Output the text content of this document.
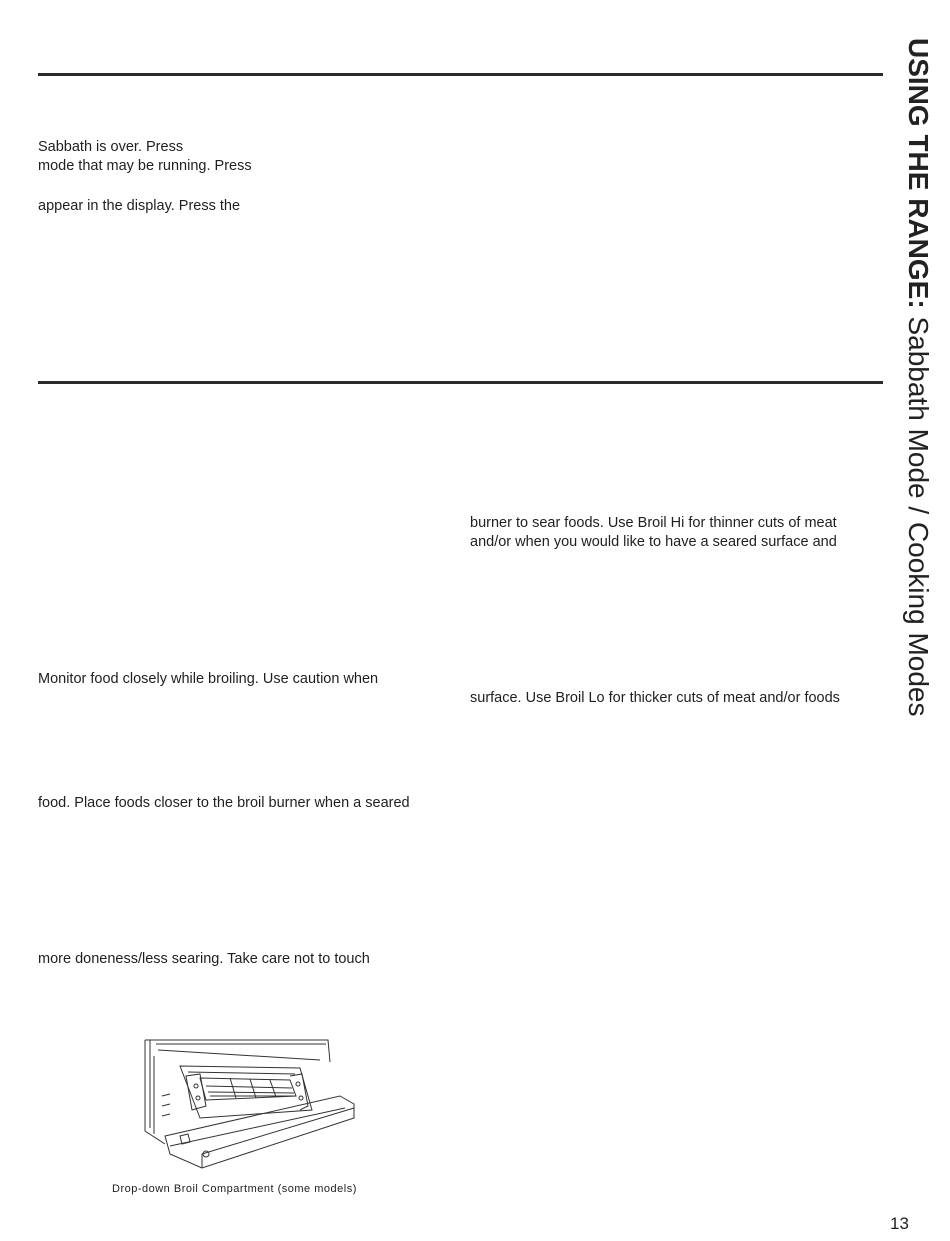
Sabbath is over. Press
mode that may be running. Press
appear in the display. Press the
burner to sear foods. Use Broil Hi for thinner cuts of meat
and/or when you would like to have a seared surface and
Monitor food closely while broiling. Use caution when
surface. Use Broil Lo for thicker cuts of meat and/or foods
food. Place foods closer to the broil burner when a seared
more doneness/less searing. Take care not to touch
Drop-down Broil Compartment (some models)
USING THE RANGE: Sabbath Mode / Cooking Modes
13
